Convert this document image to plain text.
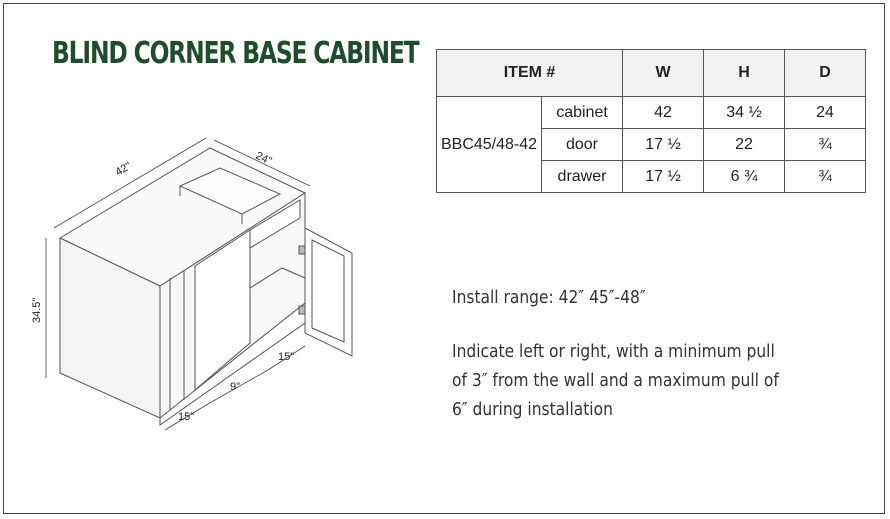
BLIND CORNER BASE CABINET
ITEM #		W	H	D
BBC45/48-42	cabinet	42	34 ½	24
	door	17 ½	22	¾
	drawer	17 ½	6 ¾	¾

Install range: 42″ 45″-48″

Indicate left or right, with a minimum pull
of 3″ from the wall and a maximum pull of
6″ during installation
42"
24"
34.5"
15"
9"
15"
